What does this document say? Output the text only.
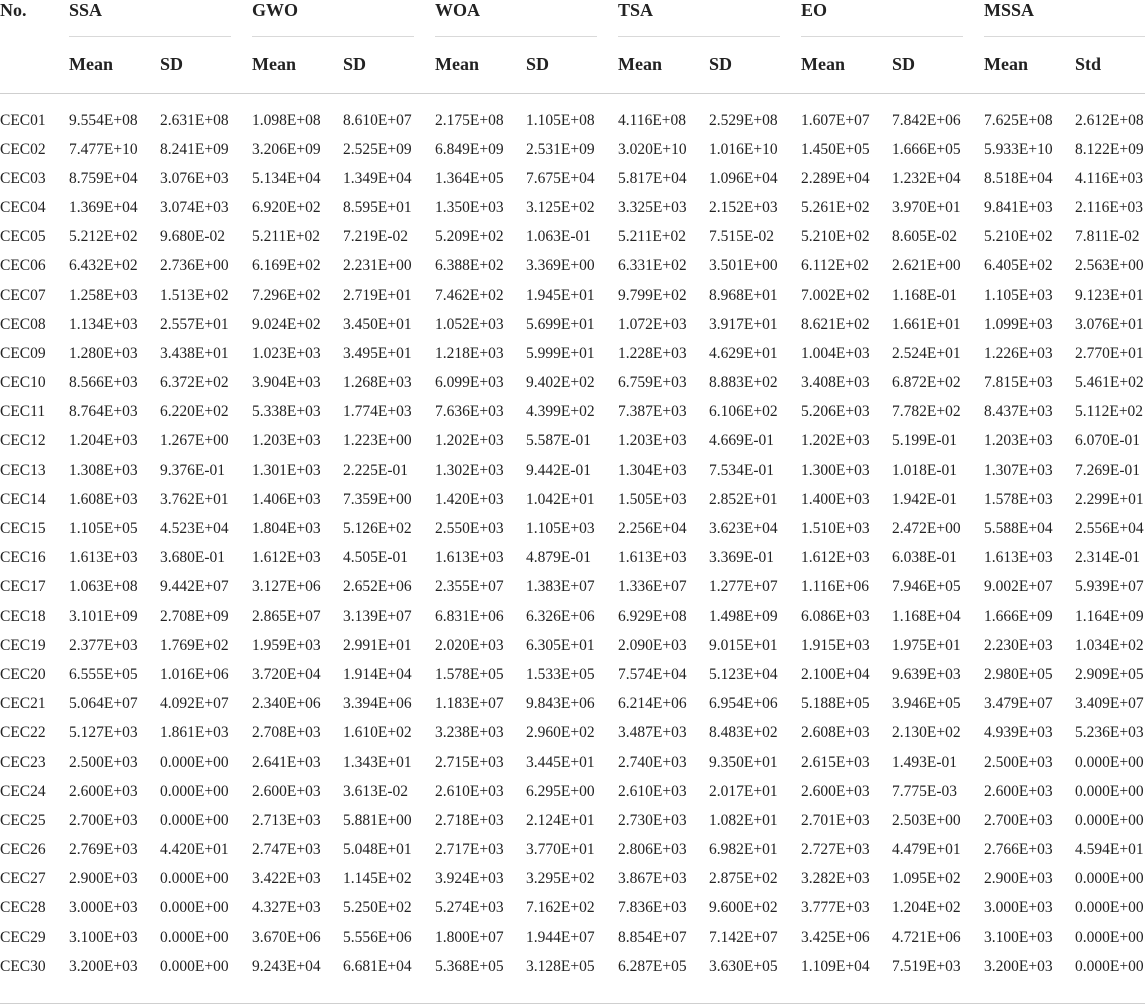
No.	SSA		GWO		WOA		TSA		EO		MSSA	
	Mean	SD	Mean	SD	Mean	SD	Mean	SD	Mean	SD	Mean	Std
CEC01	9.554E+08	2.631E+08	1.098E+08	8.610E+07	2.175E+08	1.105E+08	4.116E+08	2.529E+08	1.607E+07	7.842E+06	7.625E+08	2.612E+08
CEC02	7.477E+10	8.241E+09	3.206E+09	2.525E+09	6.849E+09	2.531E+09	3.020E+10	1.016E+10	1.450E+05	1.666E+05	5.933E+10	8.122E+09
CEC03	8.759E+04	3.076E+03	5.134E+04	1.349E+04	1.364E+05	7.675E+04	5.817E+04	1.096E+04	2.289E+04	1.232E+04	8.518E+04	4.116E+03
CEC04	1.369E+04	3.074E+03	6.920E+02	8.595E+01	1.350E+03	3.125E+02	3.325E+03	2.152E+03	5.261E+02	3.970E+01	9.841E+03	2.116E+03
CEC05	5.212E+02	9.680E-02	5.211E+02	7.219E-02	5.209E+02	1.063E-01	5.211E+02	7.515E-02	5.210E+02	8.605E-02	5.210E+02	7.811E-02
CEC06	6.432E+02	2.736E+00	6.169E+02	2.231E+00	6.388E+02	3.369E+00	6.331E+02	3.501E+00	6.112E+02	2.621E+00	6.405E+02	2.563E+00
CEC07	1.258E+03	1.513E+02	7.296E+02	2.719E+01	7.462E+02	1.945E+01	9.799E+02	8.968E+01	7.002E+02	1.168E-01	1.105E+03	9.123E+01
CEC08	1.134E+03	2.557E+01	9.024E+02	3.450E+01	1.052E+03	5.699E+01	1.072E+03	3.917E+01	8.621E+02	1.661E+01	1.099E+03	3.076E+01
CEC09	1.280E+03	3.438E+01	1.023E+03	3.495E+01	1.218E+03	5.999E+01	1.228E+03	4.629E+01	1.004E+03	2.524E+01	1.226E+03	2.770E+01
CEC10	8.566E+03	6.372E+02	3.904E+03	1.268E+03	6.099E+03	9.402E+02	6.759E+03	8.883E+02	3.408E+03	6.872E+02	7.815E+03	5.461E+02
CEC11	8.764E+03	6.220E+02	5.338E+03	1.774E+03	7.636E+03	4.399E+02	7.387E+03	6.106E+02	5.206E+03	7.782E+02	8.437E+03	5.112E+02
CEC12	1.204E+03	1.267E+00	1.203E+03	1.223E+00	1.202E+03	5.587E-01	1.203E+03	4.669E-01	1.202E+03	5.199E-01	1.203E+03	6.070E-01
CEC13	1.308E+03	9.376E-01	1.301E+03	2.225E-01	1.302E+03	9.442E-01	1.304E+03	7.534E-01	1.300E+03	1.018E-01	1.307E+03	7.269E-01
CEC14	1.608E+03	3.762E+01	1.406E+03	7.359E+00	1.420E+03	1.042E+01	1.505E+03	2.852E+01	1.400E+03	1.942E-01	1.578E+03	2.299E+01
CEC15	1.105E+05	4.523E+04	1.804E+03	5.126E+02	2.550E+03	1.105E+03	2.256E+04	3.623E+04	1.510E+03	2.472E+00	5.588E+04	2.556E+04
CEC16	1.613E+03	3.680E-01	1.612E+03	4.505E-01	1.613E+03	4.879E-01	1.613E+03	3.369E-01	1.612E+03	6.038E-01	1.613E+03	2.314E-01
CEC17	1.063E+08	9.442E+07	3.127E+06	2.652E+06	2.355E+07	1.383E+07	1.336E+07	1.277E+07	1.116E+06	7.946E+05	9.002E+07	5.939E+07
CEC18	3.101E+09	2.708E+09	2.865E+07	3.139E+07	6.831E+06	6.326E+06	6.929E+08	1.498E+09	6.086E+03	1.168E+04	1.666E+09	1.164E+09
CEC19	2.377E+03	1.769E+02	1.959E+03	2.991E+01	2.020E+03	6.305E+01	2.090E+03	9.015E+01	1.915E+03	1.975E+01	2.230E+03	1.034E+02
CEC20	6.555E+05	1.016E+06	3.720E+04	1.914E+04	1.578E+05	1.533E+05	7.574E+04	5.123E+04	2.100E+04	9.639E+03	2.980E+05	2.909E+05
CEC21	5.064E+07	4.092E+07	2.340E+06	3.394E+06	1.183E+07	9.843E+06	6.214E+06	6.954E+06	5.188E+05	3.946E+05	3.479E+07	3.409E+07
CEC22	5.127E+03	1.861E+03	2.708E+03	1.610E+02	3.238E+03	2.960E+02	3.487E+03	8.483E+02	2.608E+03	2.130E+02	4.939E+03	5.236E+03
CEC23	2.500E+03	0.000E+00	2.641E+03	1.343E+01	2.715E+03	3.445E+01	2.740E+03	9.350E+01	2.615E+03	1.493E-01	2.500E+03	0.000E+00
CEC24	2.600E+03	0.000E+00	2.600E+03	3.613E-02	2.610E+03	6.295E+00	2.610E+03	2.017E+01	2.600E+03	7.775E-03	2.600E+03	0.000E+00
CEC25	2.700E+03	0.000E+00	2.713E+03	5.881E+00	2.718E+03	2.124E+01	2.730E+03	1.082E+01	2.701E+03	2.503E+00	2.700E+03	0.000E+00
CEC26	2.769E+03	4.420E+01	2.747E+03	5.048E+01	2.717E+03	3.770E+01	2.806E+03	6.982E+01	2.727E+03	4.479E+01	2.766E+03	4.594E+01
CEC27	2.900E+03	0.000E+00	3.422E+03	1.145E+02	3.924E+03	3.295E+02	3.867E+03	2.875E+02	3.282E+03	1.095E+02	2.900E+03	0.000E+00
CEC28	3.000E+03	0.000E+00	4.327E+03	5.250E+02	5.274E+03	7.162E+02	7.836E+03	9.600E+02	3.777E+03	1.204E+02	3.000E+03	0.000E+00
CEC29	3.100E+03	0.000E+00	3.670E+06	5.556E+06	1.800E+07	1.944E+07	8.854E+07	7.142E+07	3.425E+06	4.721E+06	3.100E+03	0.000E+00
CEC30	3.200E+03	0.000E+00	9.243E+04	6.681E+04	5.368E+05	3.128E+05	6.287E+05	3.630E+05	1.109E+04	7.519E+03	3.200E+03	0.000E+00
